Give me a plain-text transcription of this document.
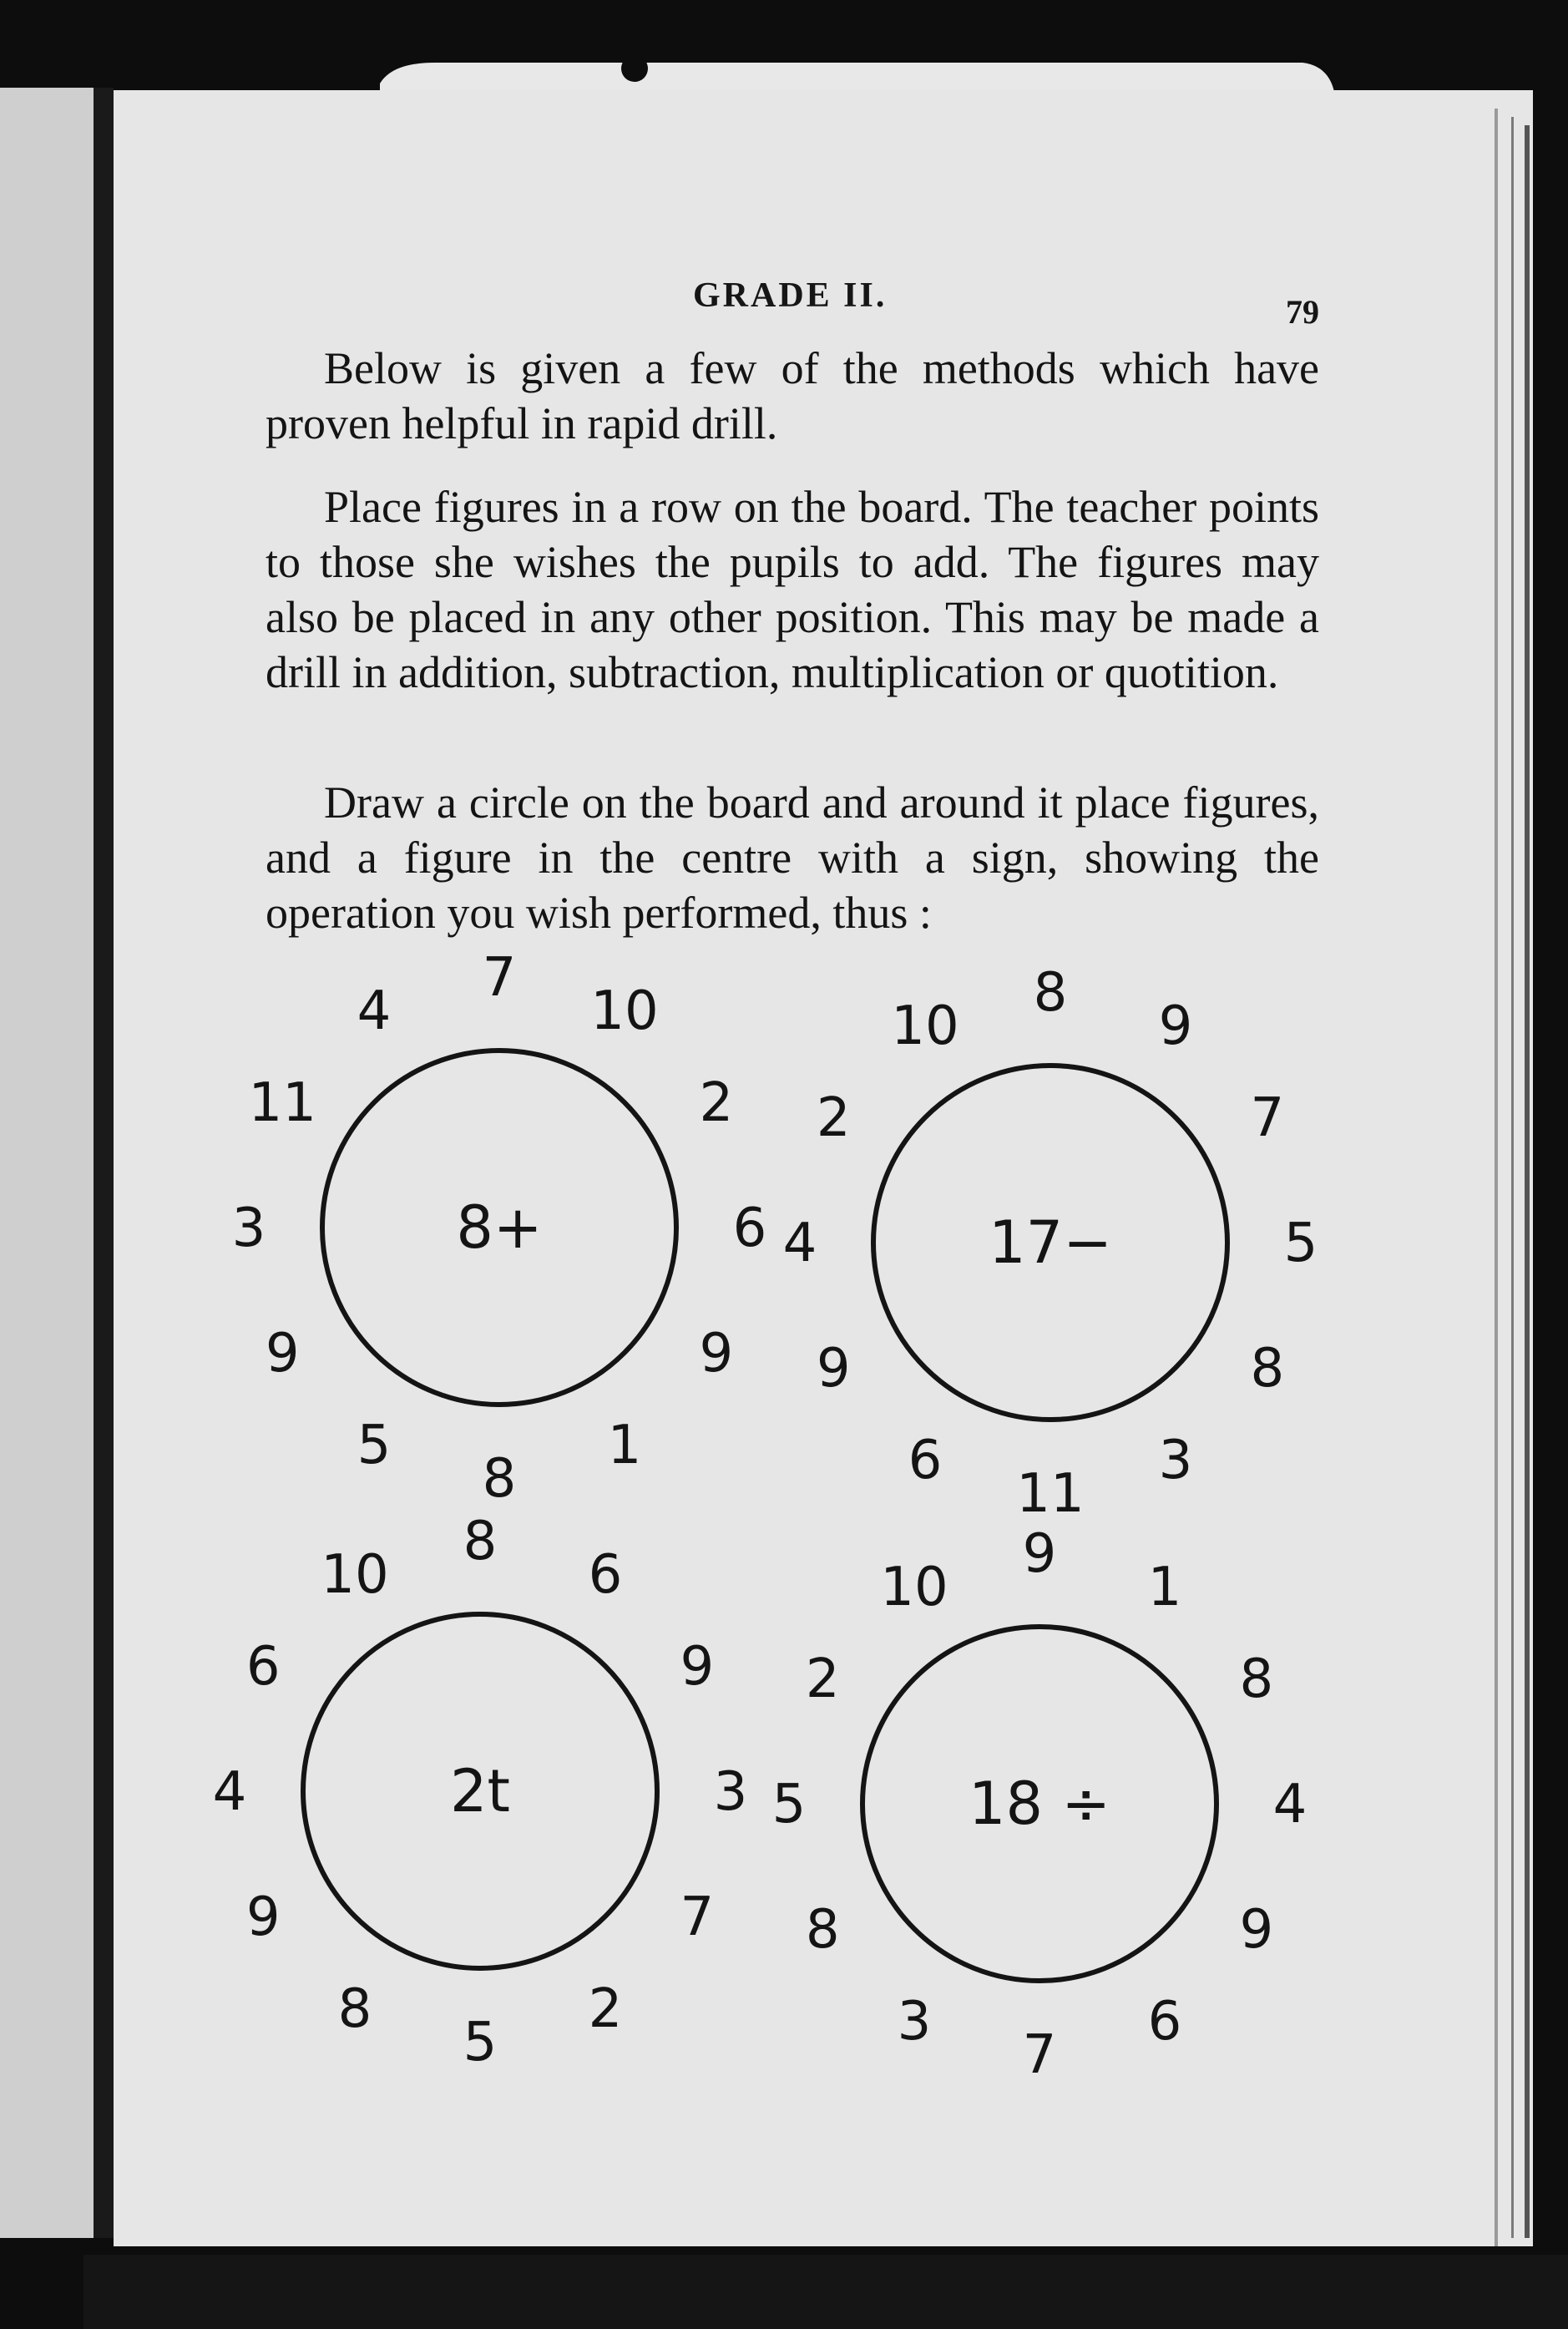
8+
7
10
2
6
9
1
8
5
9
3
11
4
17−
8
9
7
5
8
3
11
6
9
4
2
10
2t
8
6
9
3
7
2
5
8
9
4
6
10
18 ÷
9
1
8
4
9
6
7
3
8
5
2
10
GRADE II.	79
Below is given a few of the methods which have proven helpful in rapid drill.
Place figures in a row on the board. The teacher points to those she wishes the pupils to add. The figures may also be placed in any other position. This may be made a drill in addition, subtraction, multiplication or quotition.
Draw a circle on the board and around it place figures, and a figure in the centre with a sign, showing the operation you wish performed, thus :
